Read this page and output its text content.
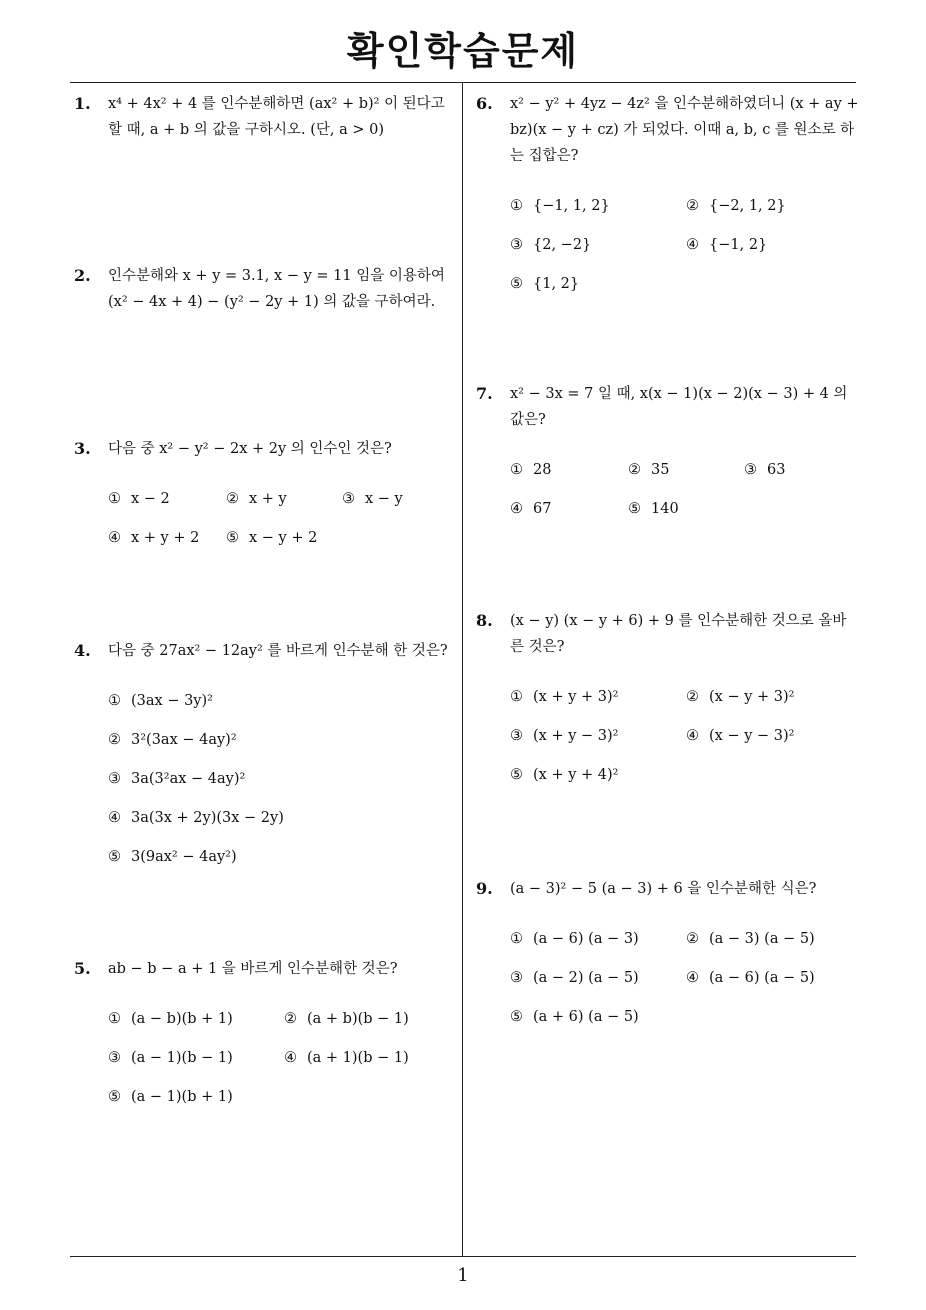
확인학습문제
1. x⁴ + 4x² + 4 를 인수분해하면 (ax² + b)² 이 된다고 할 때, a + b 의 값을 구하시오. (단, a > 0)
2. 인수분해와 x + y = 3.1, x − y = 11 임을 이용하여 (x² − 4x + 4) − (y² − 2y + 1) 의 값을 구하여라.
3. 다음 중 x² − y² − 2x + 2y 의 인수인 것은?
① x − 2	② x + y	③ x − y
④ x + y + 2 ⑤ x − y + 2
4. 다음 중 27ax² − 12ay² 를 바르게 인수분해 한 것은?
① (3ax − 3y)²
② 3²(3ax − 4ay)²
③ 3a(3²ax − 4ay)²
④ 3a(3x + 2y)(3x − 2y)
⑤ 3(9ax² − 4ay²)
5. ab − b − a + 1 을 바르게 인수분해한 것은?
① (a − b)(b + 1)	② (a + b)(b − 1)
③ (a − 1)(b − 1)	④ (a + 1)(b − 1)
⑤ (a − 1)(b + 1)
6. x² − y² + 4yz − 4z² 을 인수분해하였더니 (x + ay + bz)(x − y + cz) 가 되었다. 이때 a, b, c 를 원소로 하는 집합은?
① {−1, 1, 2}	② {−2, 1, 2}
③ {2, −2}	④ {−1, 2}
⑤ {1, 2}
7. x² − 3x = 7 일 때, x(x − 1)(x − 2)(x − 3) + 4 의 값은?
① 28	② 35	③ 63
④ 67	⑤ 140
8. (x − y) (x − y + 6) + 9 를 인수분해한 것으로 올바른 것은?
① (x + y + 3)²	② (x − y + 3)²
③ (x + y − 3)²	④ (x − y − 3)²
⑤ (x + y + 4)²
9. (a − 3)² − 5 (a − 3) + 6 을 인수분해한 식은?
① (a − 6) (a − 3)	② (a − 3) (a − 5)
③ (a − 2) (a − 5)	④ (a − 6) (a − 5)
⑤ (a + 6) (a − 5)
1
